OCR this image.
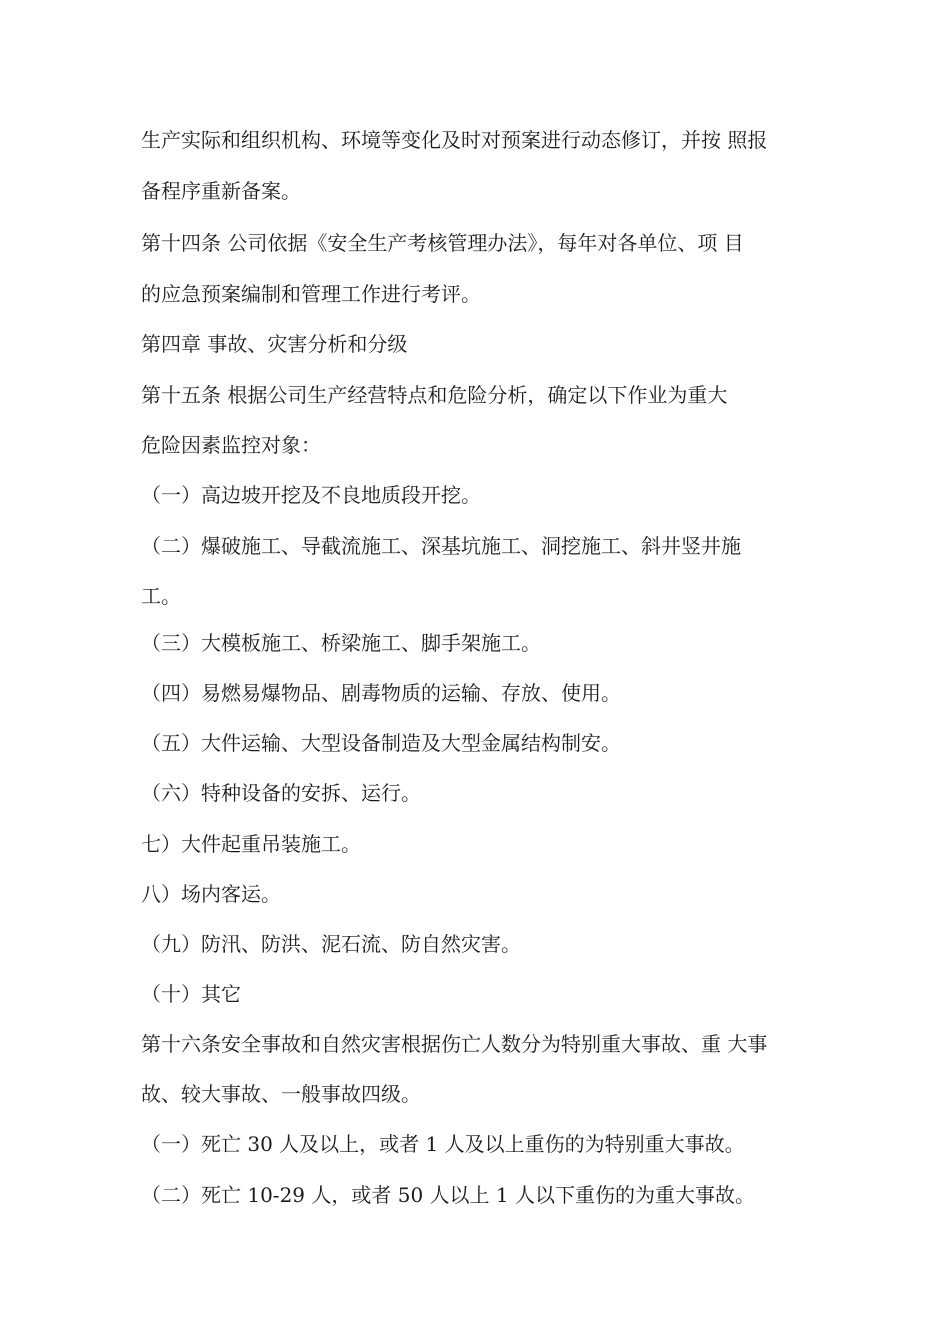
生产实际和组织机构、环境等变化及时对预案进行动态修订，并按 照报

备程序重新备案。

第十四条 公司依据《安全生产考核管理办法》，每年对各单位、项 目

的应急预案编制和管理工作进行考评。

第四章 事故、灾害分析和分级

第十五条 根据公司生产经营特点和危险分析，确定以下作业为重大

危险因素监控对象：

（一）高边坡开挖及不良地质段开挖。

（二）爆破施工、导截流施工、深基坑施工、洞挖施工、斜井竖井施

工。

（三）大模板施工、桥梁施工、脚手架施工。

（四）易燃易爆物品、剧毒物质的运输、存放、使用。

（五）大件运输、大型设备制造及大型金属结构制安。

（六）特种设备的安拆、运行。

七）大件起重吊装施工。

八）场内客运。

（九）防汛、防洪、泥石流、防自然灾害。

（十）其它

第十六条安全事故和自然灾害根据伤亡人数分为特别重大事故、重 大事

故、较大事故、一般事故四级。

（一）死亡 30 人及以上，或者 1 人及以上重伤的为特别重大事故。

（二）死亡 10-29 人，或者 50 人以上 1 人以下重伤的为重大事故。
